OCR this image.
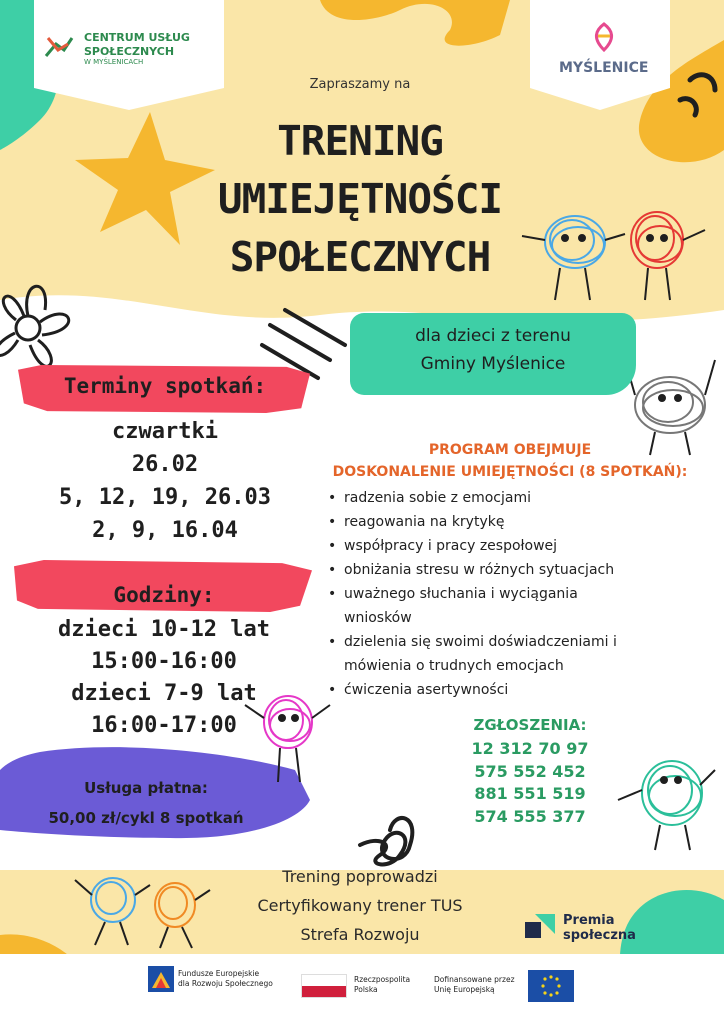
CENTRUM USŁUG
SPOŁECZNYCH
W MYŚLENICACH	MYŚLENICE
Zapraszamy na
TRENING
UMIEJĘTNOŚCI
SPOŁECZNYCH
dla dzieci z terenu
Gminy Myślenice
Terminy spotkań:
czwartki
26.02
5, 12, 19, 26.03
2, 9, 16.04
Godziny:
dzieci 10-12 lat
15:00-16:00
dzieci 7-9 lat
16:00-17:00
PROGRAM OBEJMUJE
DOSKONALENIE UMIEJĘTNOŚCI (8 SPOTKAŃ):
• radzenia sobie z emocjami
• reagowania na krytykę
• współpracy i pracy zespołowej
• obniżania stresu w różnych sytuacjach
• uważnego słuchania i wyciągania wniosków
• dzielenia się swoimi doświadczeniami i mówienia o trudnych emocjach
• ćwiczenia asertywności
ZGŁOSZENIA:
12 312 70 97
575 552 452
881 551 519
574 555 377
Usługa płatna:
50,00 zł/cykl 8 spotkań
Trening poprowadzi
Certyfikowany trener TUS
Strefa Rozwoju
Premia
społeczna
Fundusze Europejskie
dla Rozwoju Społecznego	Rzeczpospolita
Polska
Dofinansowane przez
Unię Europejską
